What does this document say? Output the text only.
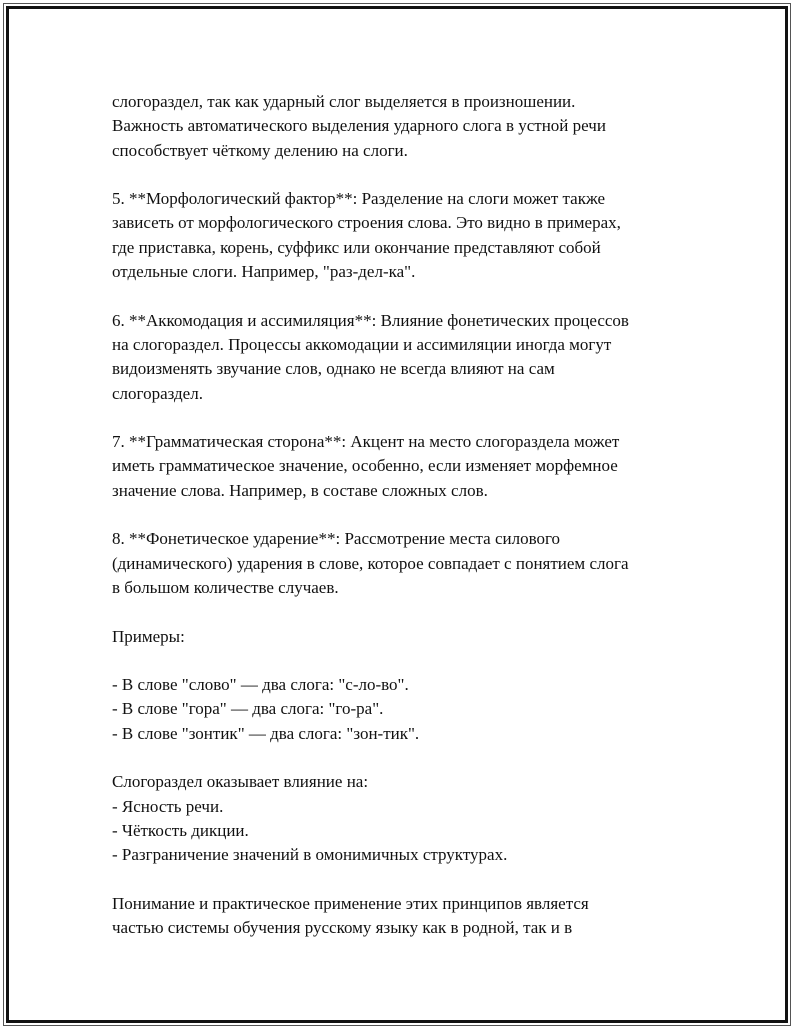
слогораздел, так как ударный слог выделяется в произношении.
Важность автоматического выделения ударного слога в устной речи
способствует чёткому делению на слоги.
5. **Морфологический фактор**: Разделение на слоги может также
зависеть от морфологического строения слова. Это видно в примерах,
где приставка, корень, суффикс или окончание представляют собой
отдельные слоги. Например, "раз-дел-ка".
6. **Аккомодация и ассимиляция**: Влияние фонетических процессов
на слогораздел. Процессы аккомодации и ассимиляции иногда могут
видоизменять звучание слов, однако не всегда влияют на сам
слогораздел.
7. **Грамматическая сторона**: Акцент на место слогораздела может
иметь грамматическое значение, особенно, если изменяет морфемное
значение слова. Например, в составе сложных слов.
8. **Фонетическое ударение**: Рассмотрение места силового
(динамического) ударения в слове, которое совпадает с понятием слога
в большом количестве случаев.
Примеры:
- В слове "слово" — два слога: "с-ло-во".
- В слове "гора" — два слога: "го-ра".
- В слове "зонтик" — два слога: "зон-тик".
Слогораздел оказывает влияние на:
- Ясность речи.
- Чёткость дикции.
- Разграничение значений в омонимичных структурах.
Понимание и практическое применение этих принципов является
частью системы обучения русскому языку как в родной, так и в
